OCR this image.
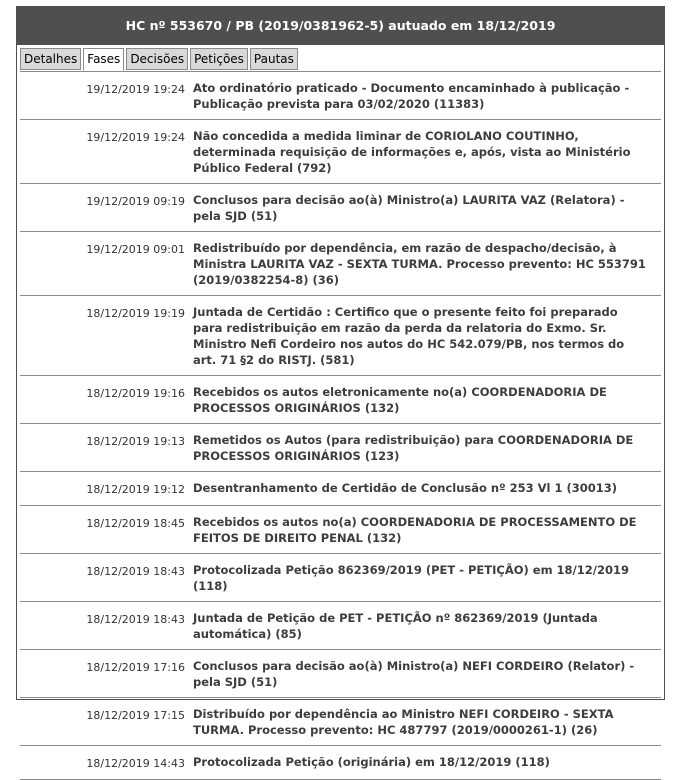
HC nº 553670 / PB (2019/0381962-5) autuado em 18/12/2019
Detalhes Fases Decisões Petições Pautas
19/12/2019 19:24 Ato ordinatório praticado - Documento encaminhado à publicação - Publicação prevista para 03/02/2020 (11383)
19/12/2019 19:24 Não concedida a medida liminar de CORIOLANO COUTINHO, determinada requisição de informações e, após, vista ao Ministério Público Federal (792)
19/12/2019 09:19 Conclusos para decisão ao(à) Ministro(a) LAURITA VAZ (Relatora) - pela SJD (51)
19/12/2019 09:01 Redistribuído por dependência, em razão de despacho/decisão, à Ministra LAURITA VAZ - SEXTA TURMA. Processo prevento: HC 553791 (2019/0382254-8) (36)
18/12/2019 19:19 Juntada de Certidão : Certifico que o presente feito foi preparado para redistribuição em razão da perda da relatoria do Exmo. Sr. Ministro Nefi Cordeiro nos autos do HC 542.079/PB, nos termos do art. 71 §2 do RISTJ. (581)
18/12/2019 19:16 Recebidos os autos eletronicamente no(a) COORDENADORIA DE PROCESSOS ORIGINÁRIOS (132)
18/12/2019 19:13 Remetidos os Autos (para redistribuição) para COORDENADORIA DE PROCESSOS ORIGINÁRIOS (123)
18/12/2019 19:12 Desentranhamento de Certidão de Conclusão nº 253 Vl 1 (30013)
18/12/2019 18:45 Recebidos os autos no(a) COORDENADORIA DE PROCESSAMENTO DE FEITOS DE DIREITO PENAL (132)
18/12/2019 18:43 Protocolizada Petição 862369/2019 (PET - PETIÇÃO) em 18/12/2019 (118)
18/12/2019 18:43 Juntada de Petição de PET - PETIÇÃO nº 862369/2019 (Juntada automática) (85)
18/12/2019 17:16 Conclusos para decisão ao(à) Ministro(a) NEFI CORDEIRO (Relator) - pela SJD (51)
18/12/2019 17:15 Distribuído por dependência ao Ministro NEFI CORDEIRO - SEXTA TURMA. Processo prevento: HC 487797 (2019/0000261-1) (26)
18/12/2019 14:43 Protocolizada Petição (originária) em 18/12/2019 (118)
